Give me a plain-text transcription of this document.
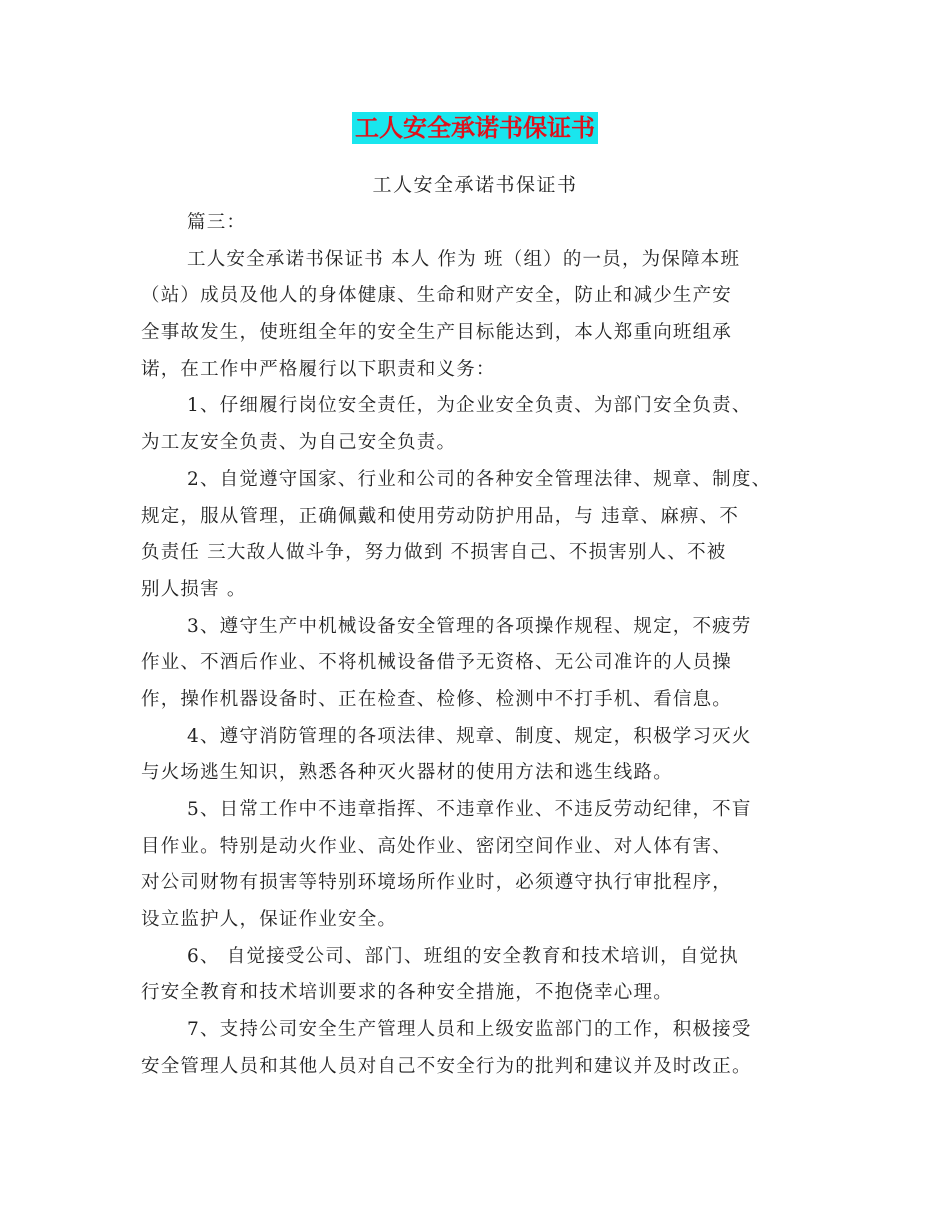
工人安全承诺书保证书
工人安全承诺书保证书
篇三：
工人安全承诺书保证书 本人 作为 班（组）的一员，为保障本班
（站）成员及他人的身体健康、生命和财产安全，防止和减少生产安
全事故发生，使班组全年的安全生产目标能达到，本人郑重向班组承
诺，在工作中严格履行以下职责和义务：
1、仔细履行岗位安全责任，为企业安全负责、为部门安全负责、
为工友安全负责、为自己安全负责。
2、自觉遵守国家、行业和公司的各种安全管理法律、规章、制度、
规定，服从管理，正确佩戴和使用劳动防护用品，与 违章、麻痹、不
负责任 三大敌人做斗争，努力做到 不损害自己、不损害别人、不被
别人损害 。
3、遵守生产中机械设备安全管理的各项操作规程、规定，不疲劳
作业、不酒后作业、不将机械设备借予无资格、无公司准许的人员操
作，操作机器设备时、正在检查、检修、检测中不打手机、看信息。
4、遵守消防管理的各项法律、规章、制度、规定，积极学习灭火
与火场逃生知识，熟悉各种灭火器材的使用方法和逃生线路。
5、日常工作中不违章指挥、不违章作业、不违反劳动纪律，不盲
目作业。特别是动火作业、高处作业、密闭空间作业、对人体有害、
对公司财物有损害等特别环境场所作业时，必须遵守执行审批程序，
设立监护人，保证作业安全。
6、 自觉接受公司、部门、班组的安全教育和技术培训，自觉执
行安全教育和技术培训要求的各种安全措施，不抱侥幸心理。
7、支持公司安全生产管理人员和上级安监部门的工作，积极接受
安全管理人员和其他人员对自己不安全行为的批判和建议并及时改正。
